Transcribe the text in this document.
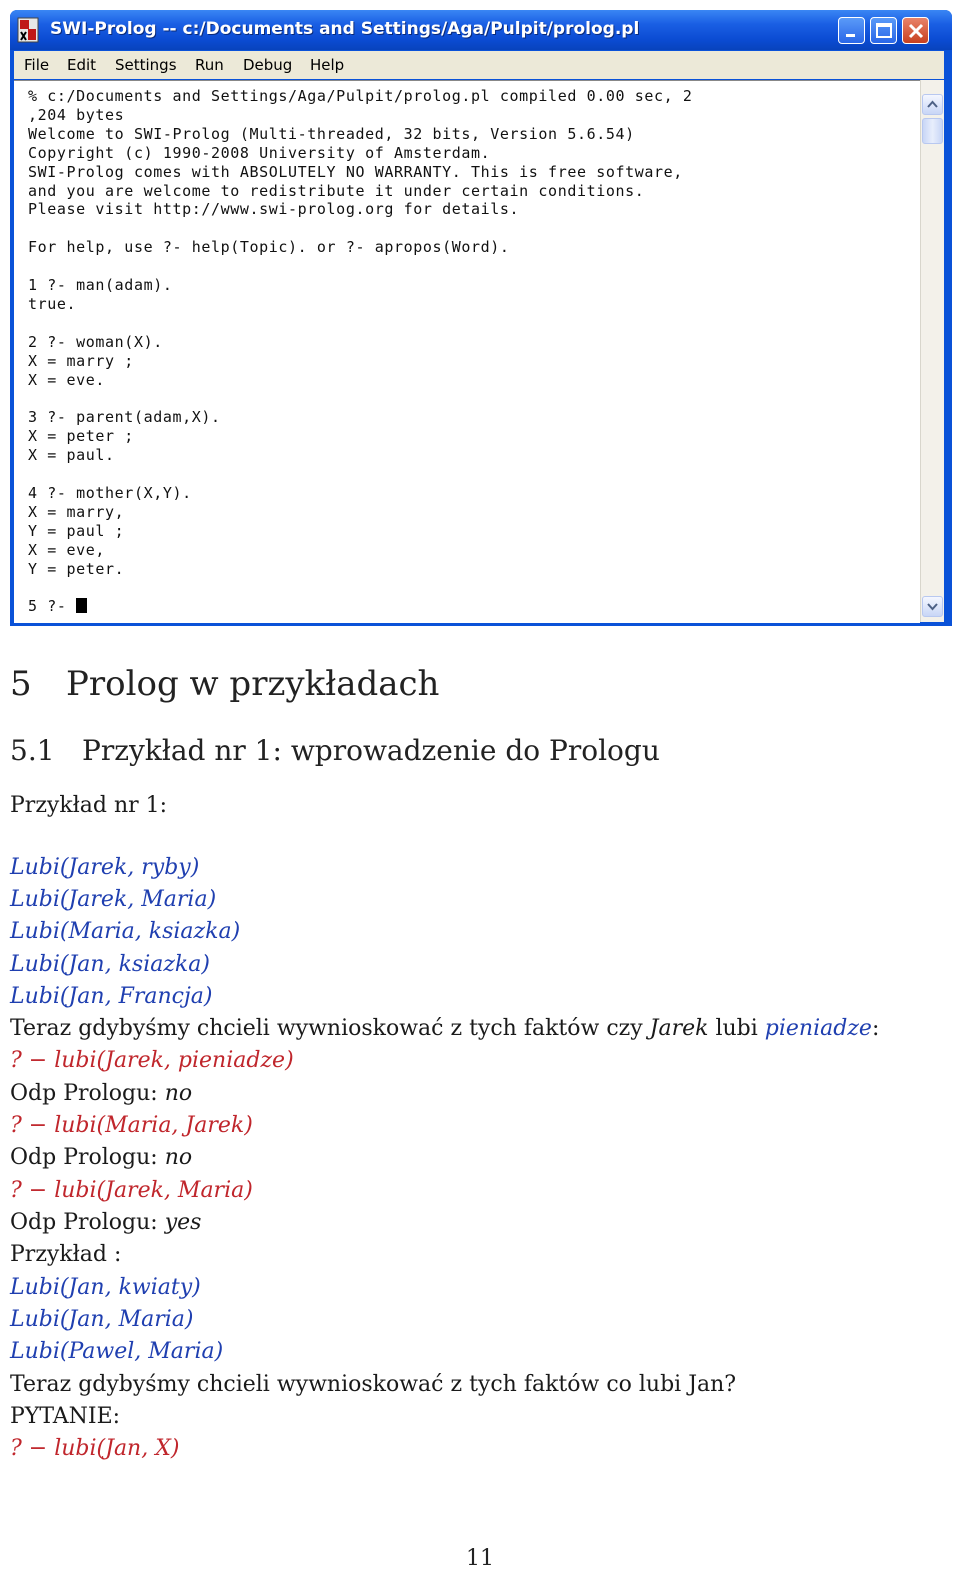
SWI-Prolog -- c:/Documents and Settings/Aga/Pulpit/prolog.pl
File Edit Settings Run Debug Help
% c:/Documents and Settings/Aga/Pulpit/prolog.pl compiled 0.00 sec, 2
,204 bytes
Welcome to SWI-Prolog (Multi-threaded, 32 bits, Version 5.6.54)
Copyright (c) 1990-2008 University of Amsterdam.
SWI-Prolog comes with ABSOLUTELY NO WARRANTY. This is free software,
and you are welcome to redistribute it under certain conditions.
Please visit http://www.swi-prolog.org for details.

For help, use ?- help(Topic). or ?- apropos(Word).

1 ?- man(adam).
true.

2 ?- woman(X).
X = marry ;
X = eve.

3 ?- parent(adam,X).
X = peter ;
X = paul.

4 ?- mother(X,Y).
X = marry,
Y = paul ;
X = eve,
Y = peter.

5 ?-
5 Prolog w przykładach
5.1 Przykład nr 1: wprowadzenie do Prologu
Przykład nr 1:
Lubi(Jarek, ryby)
Lubi(Jarek, Maria)
Lubi(Maria, ksiazka)
Lubi(Jan, ksiazka)
Lubi(Jan, Francja)
Teraz gdybyśmy chcieli wywnioskować z tych faktów czy Jarek lubi pieniadze:
? − lubi(Jarek, pieniadze)
Odp Prologu: no
? − lubi(Maria, Jarek)
Odp Prologu: no
? − lubi(Jarek, Maria)
Odp Prologu: yes
Przykład :
Lubi(Jan, kwiaty)
Lubi(Jan, Maria)
Lubi(Pawel, Maria)
Teraz gdybyśmy chcieli wywnioskować z tych faktów co lubi Jan?
PYTANIE:
? − lubi(Jan, X)
11
